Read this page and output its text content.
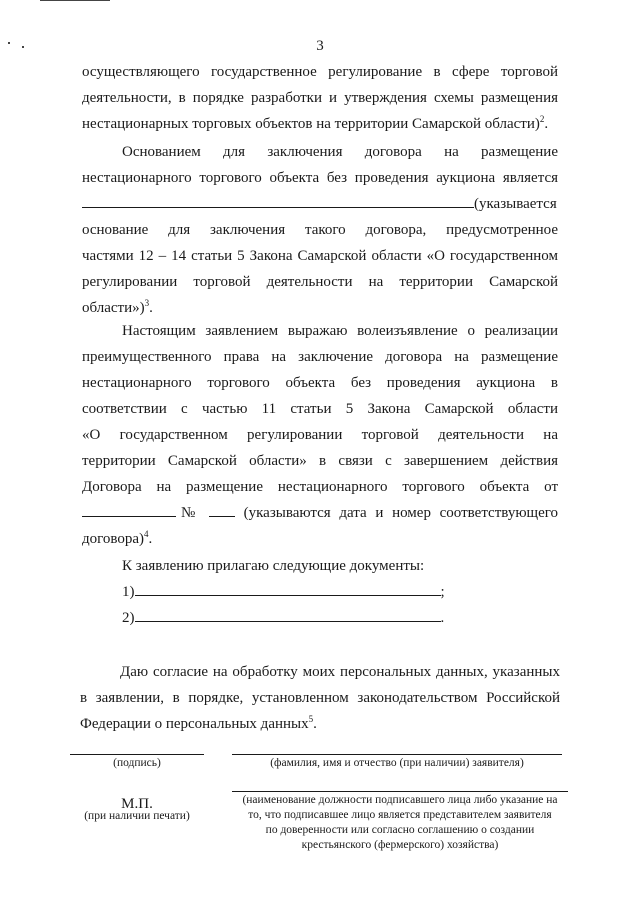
3
осуществляющего государственное регулирование в сфере торговой
деятельности, в порядке разработки и утверждения схемы размещения
нестационарных торговых объектов на территории Самарской области)$^2$.
Основанием для заключения договора на размещение
нестационарного торгового объекта без проведения аукциона является
(указывается
основание для заключения такого договора, предусмотренное
частями 12 – 14 статьи 5 Закона Самарской области «О государственном
регулировании торговой деятельности на территории Самарской
области»)$^3$.
Настоящим заявлением выражаю волеизъявление о реализации
преимущественного права на заключение договора на размещение
нестационарного торгового объекта без проведения аукциона в
соответствии с частью 11 статьи 5 Закона Самарской области
«О государственном регулировании торговой деятельности на
территории Самарской области» в связи с завершением действия
Договора на размещение нестационарного торгового объекта от
№	(указываются дата и номер соответствующего
договора)$^4$.
К заявлению прилагаю следующие документы:
1)	;
2)	.
Даю согласие на обработку моих персональных данных, указанных
в заявлении, в порядке, установленном законодательством Российской
Федерации о персональных данных$^5$.
(подпись)	(фамилия, имя и отчество (при наличии) заявителя)
М.П.
(при наличии печати)
(наименование должности подписавшего лица либо указание на
то, что подписавшее лицо является представителем заявителя
по доверенности или согласно соглашению о создании
крестьянского (фермерского) хозяйства)
